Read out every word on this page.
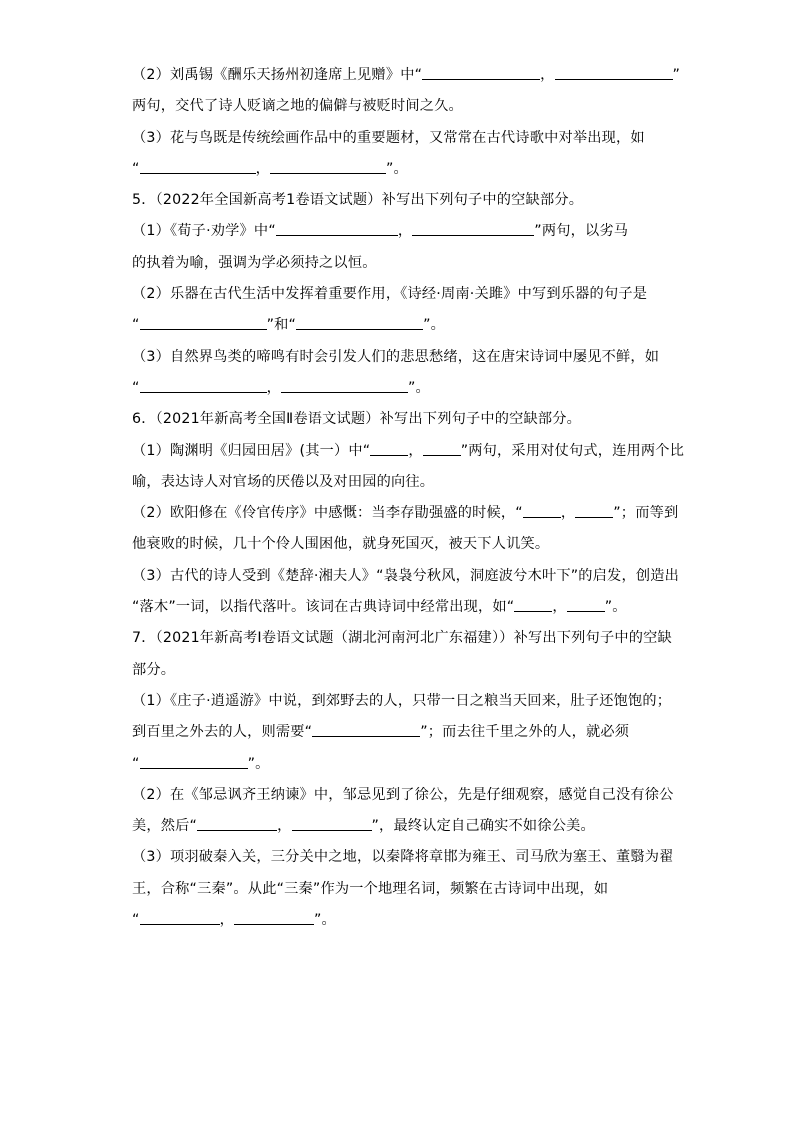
（2）刘禹锡《酬乐天扬州初逢席上见赠》中“	，	”
两句，交代了诗人贬谪之地的偏僻与被贬时间之久。
（3）花与鸟既是传统绘画作品中的重要题材，又常常在古代诗歌中对举出现，如
“	，	”。
5．（2022年全国新高考1卷语文试题）补写出下列句子中的空缺部分。
（1）《荀子·劝学》中“	，	”两句，以劣马
的执着为喻，强调为学必须持之以恒。
（2）乐器在古代生活中发挥着重要作用，《诗经·周南·关雎》中写到乐器的句子是
“	”和“	”。
（3）自然界鸟类的啼鸣有时会引发人们的悲思愁绪，这在唐宋诗词中屡见不鲜，如
“	，	”。
6．（2021年新高考全国Ⅱ卷语文试题）补写出下列句子中的空缺部分。
（1）陶渊明《归园田居》(其一）中“	，	”两句，采用对仗句式，连用两个比
喻，表达诗人对官场的厌倦以及对田园的向往。
（2）欧阳修在《伶官传序》中感慨：当李存勖强盛的时候，“	，	”；而等到
他衰败的时候，几十个伶人围困他，就身死国灭，被天下人讥笑。
（3）古代的诗人受到《楚辞·湘夫人》“袅袅兮秋风，洞庭波兮木叶下”的启发，创造出
“落木”一词，以指代落叶。该词在古典诗词中经常出现，如“	，	”。
7．（2021年新高考I卷语文试题（湖北河南河北广东福建））补写出下列句子中的空缺
部分。
（1）《庄子·逍遥游》中说，到郊野去的人，只带一日之粮当天回来，肚子还饱饱的；
到百里之外去的人，则需要“	”；而去往千里之外的人，就必须
“	”。
（2）在《邹忌讽齐王纳谏》中，邹忌见到了徐公，先是仔细观察，感觉自己没有徐公
美，然后“	，	”，最终认定自己确实不如徐公美。
（3）项羽破秦入关，三分关中之地，以秦降将章邯为雍王、司马欣为塞王、董翳为翟
王，合称“三秦”。从此“三秦”作为一个地理名词，频繁在古诗词中出现，如
“	，	”。
